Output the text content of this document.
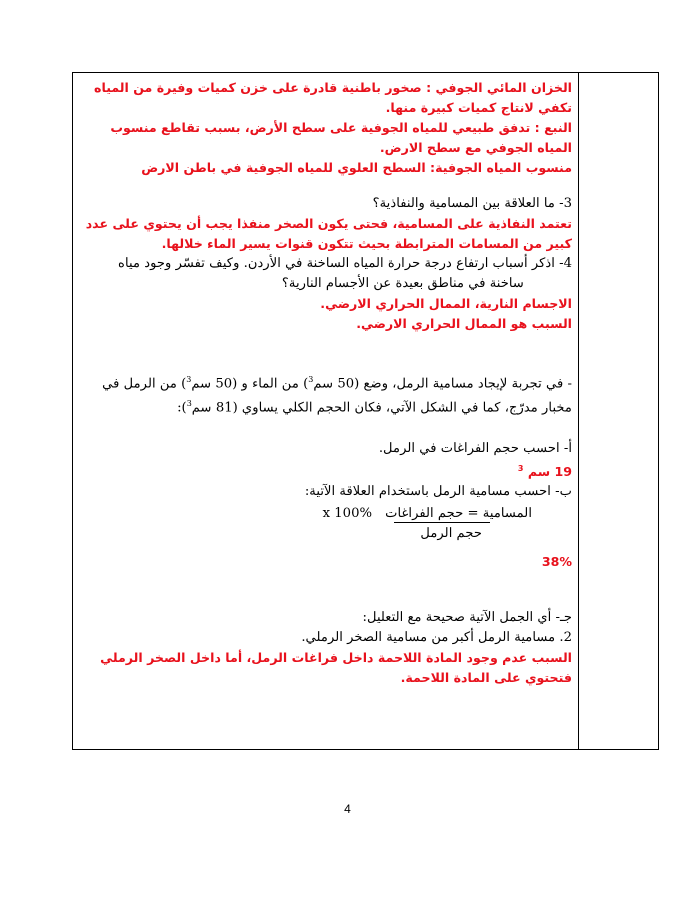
الخزان المائي الجوفي : صخور باطنية قادرة على خزن كميات وفيرة من المياه تكفي لانتاج كميات كبيرة منها.

النبع : تدفق طبيعي للمياه الجوفية على سطح الأرض، بسبب تقاطع منسوب المياه الجوفي مع سطح الارض.

منسوب المياه الجوفية: السطح العلوي للمياه الجوفية في باطن الارض

3- ما العلاقة بين المسامية والنفاذية؟

تعتمد النفاذية على المسامية، فحتى يكون الصخر منفذا يجب أن يحتوي على عدد كبير من المسامات المترابطة بحيث تتكون قنوات يسير الماء خلالها.

4- اذكر أسباب ارتفاع درجة حرارة المياه الساخنة في الأردن. وكيف تفسّر وجود مياه

ساخنة في مناطق بعيدة عن الأجسام النارية؟

الاجسام النارية، الممال الحراري الارضي.

السبب هو الممال الحراري الارضي.

- في تجربة لإيجاد مسامية الرمل، وضع (50 سم$^3$) من الماء و (50 سم$^3$) من الرمل في مخبار مدرّج، كما في الشكل الآتي، فكان الحجم الكلي يساوي (81 سم$^3$):

أ- احسب حجم الفراغات في الرمل.

19 سم $^3$

ب- احسب مسامية الرمل باستخدام العلاقة الآتية:

المسامية = حجم الفراغات
حجم الرمل
x 100%

38%

جـ- أي الجمل الآتية صحيحة مع التعليل:

2. مسامية الرمل أكبر من مسامية الصخر الرملي.

السبب عدم وجود المادة اللاحمة داخل فراغات الرمل، أما داخل الصخر الرملي فتحتوي على المادة اللاحمة.

4
